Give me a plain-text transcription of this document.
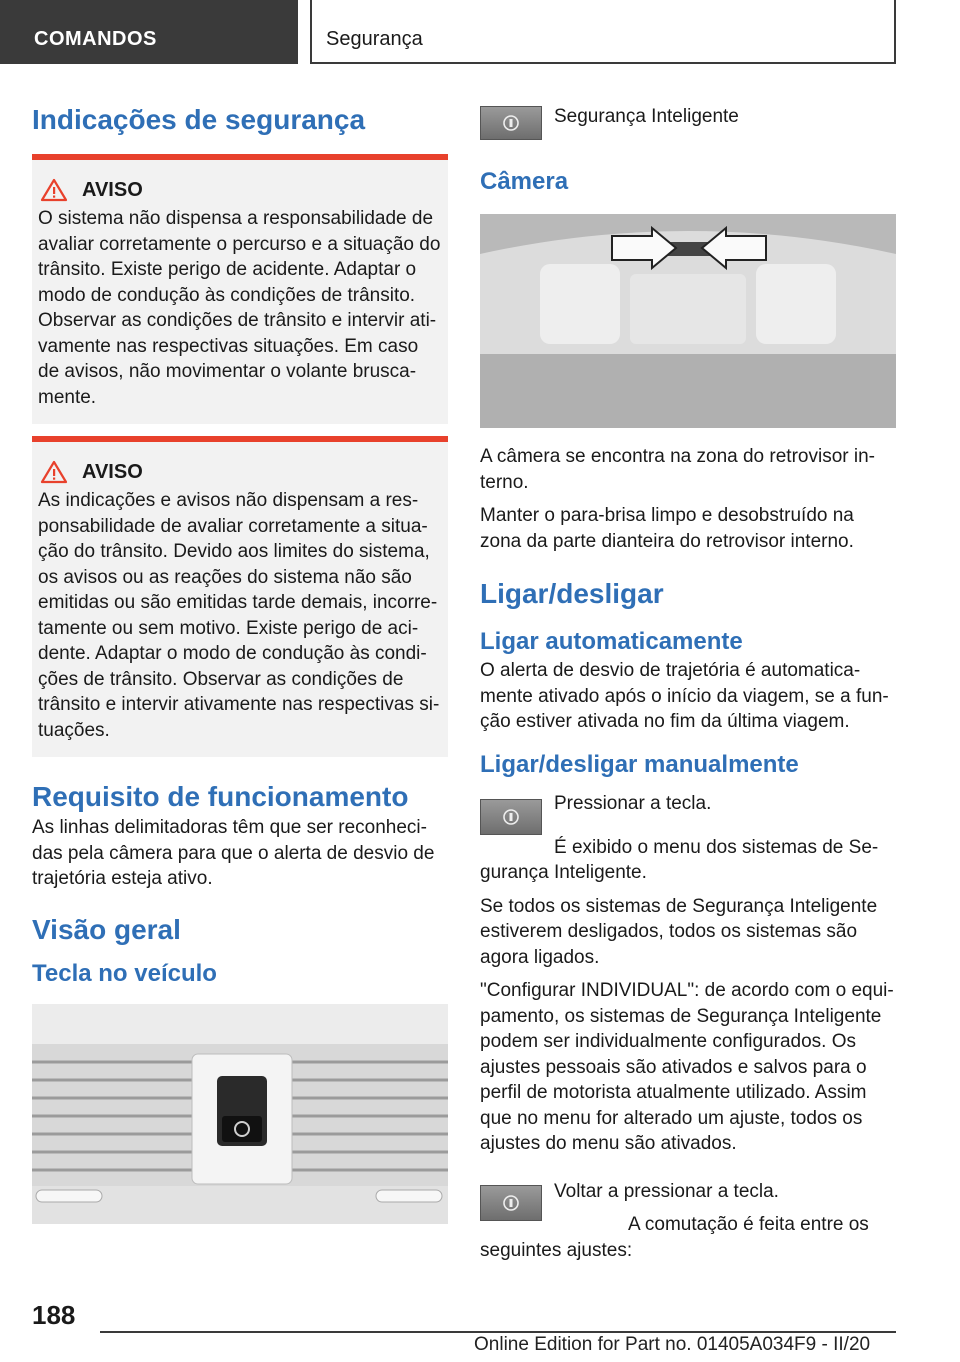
COMANDOS	Segurança
Indicações de segurança
AVISO

O sistema não dispensa a responsabilidade de avaliar corretamente o percurso e a situação do trânsito. Existe perigo de acidente. Adaptar o modo de condução às condições de trânsito. Observar as condições de trânsito e intervir ativamente nas respectivas situações. Em caso de avisos, não movimentar o volante bruscamente.

AVISO

As indicações e avisos não dispensam a responsabilidade de avaliar corretamente a situação do trânsito. Devido aos limites do sistema, os avisos ou as reações do sistema não são emitidas ou são emitidas tarde demais, incorretamente ou sem motivo. Existe perigo de acidente. Adaptar o modo de condução às condições de trânsito. Observar as condições de trânsito e intervir ativamente nas respectivas situações.

Requisito de funcionamento

As linhas delimitadoras têm que ser reconhecidas pela câmera para que o alerta de desvio de trajetória esteja ativo.

Visão geral
Tecla no veículo

Segurança Inteligente

Câmera

A câmera se encontra na zona do retrovisor interno.

Manter o para-brisa limpo e desobstruído na zona da parte dianteira do retrovisor interno.

Ligar/desligar
Ligar automaticamente

O alerta de desvio de trajetória é automaticamente ativado após o início da viagem, se a função estiver ativada no fim da última viagem.

Ligar/desligar manualmente

Pressionar a tecla.

É exibido o menu dos sistemas de Segurança Inteligente.

Se todos os sistemas de Segurança Inteligente estiverem desligados, todos os sistemas são agora ligados.

"Configurar INDIVIDUAL": de acordo com o equipamento, os sistemas de Segurança Inteligente podem ser individualmente configurados. Os ajustes pessoais são ativados e salvos para o perfil de motorista atualmente utilizado. Assim que no menu for alterado um ajuste, todos os ajustes do menu são ativados.

Voltar a pressionar a tecla.

A comutação é feita entre os seguintes ajustes:

188
Online Edition for Part no. 01405A034F9 - II/20
